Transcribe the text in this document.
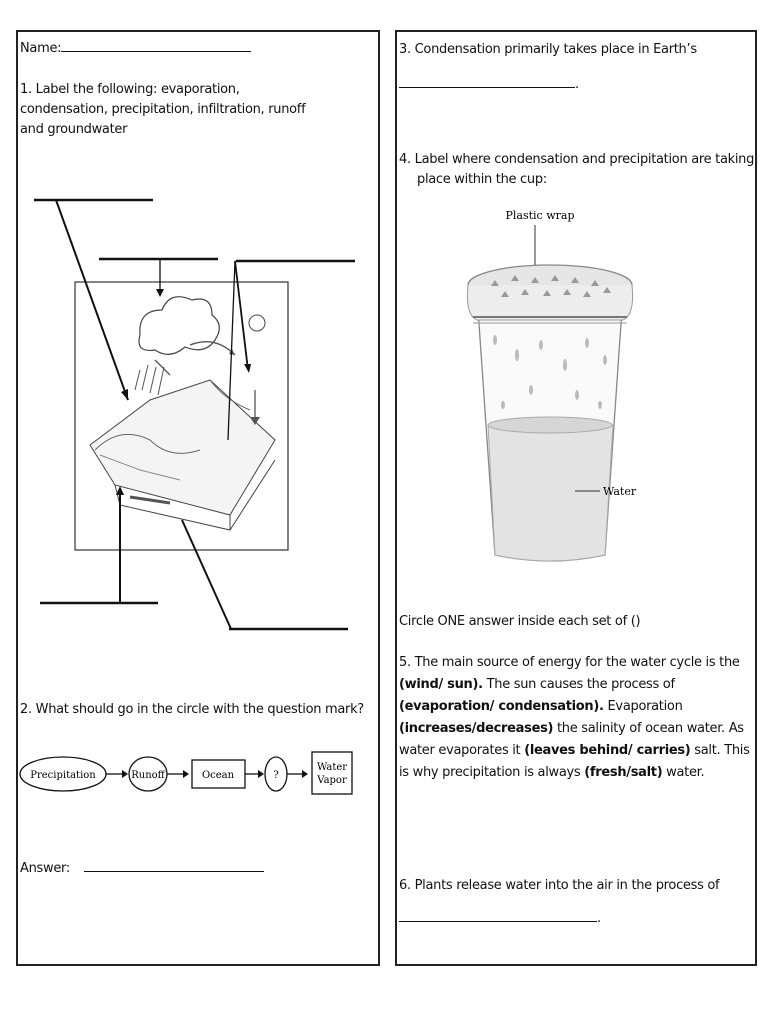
Name:
1. Label the following: evaporation, condensation, precipitation, infiltration, runoff and groundwater
2. What should go in the circle with the question mark?
Precipitation	Runoff	Ocean	?
Water
Vapor
Answer:
3. Condensation primarily takes place in Earth’s
.
4. Label where condensation and precipitation are taking place within the cup:
Plastic wrap
Water
Circle ONE answer inside each set of ()
5. The main source of energy for the water cycle is the (wind/ sun). The sun causes the process of (evaporation/ condensation). Evaporation (increases/decreases) the salinity of ocean water. As water evaporates it (leaves behind/ carries) salt. This is why precipitation is always (fresh/salt) water.
6. Plants release water into the air in the process of
.
